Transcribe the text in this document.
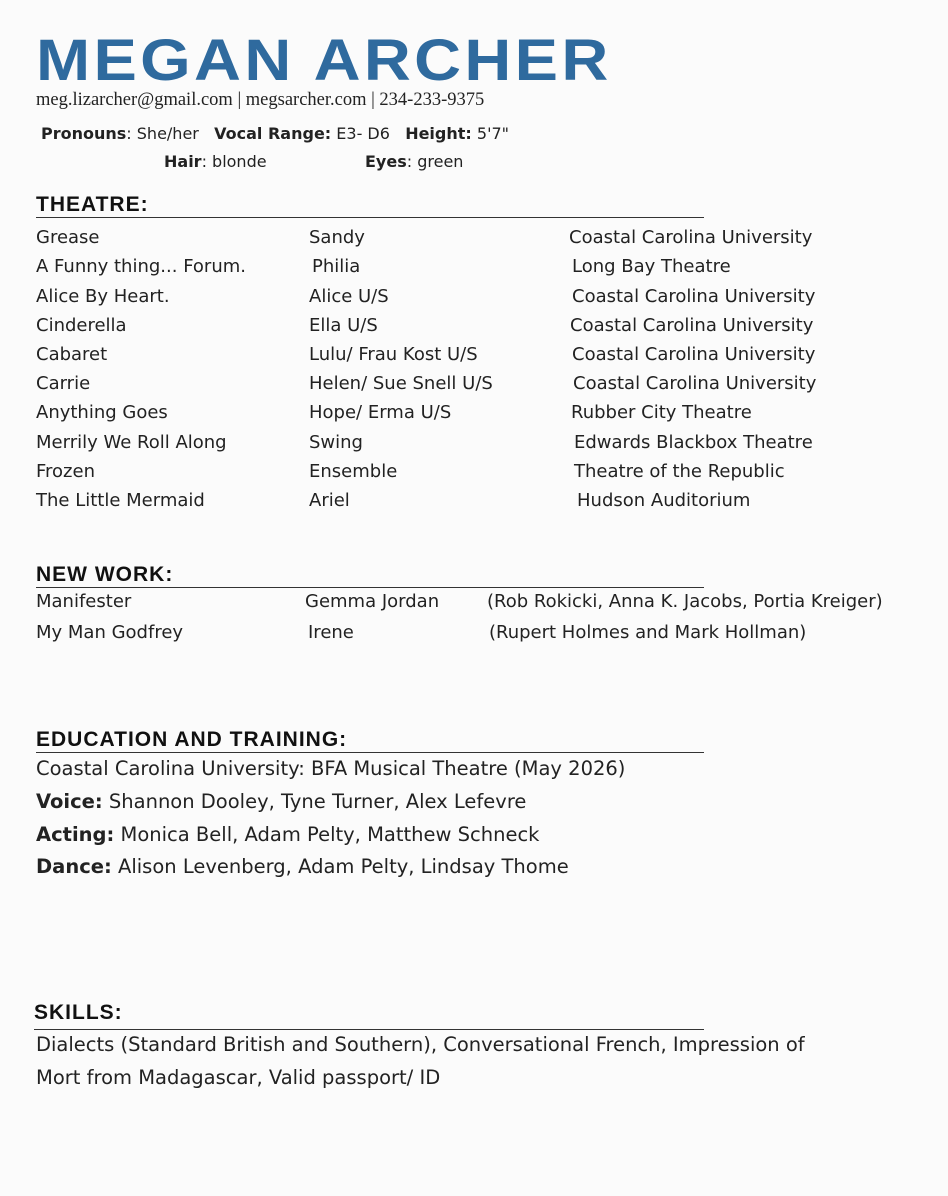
MEGAN ARCHER
meg.lizarcher@gmail.com | megsarcher.com | 234-233-9375
Pronouns: She/her Vocal Range: E3- D6 Height: 5'7"
Hair: blonde	Eyes: green
THEATRE:
Grease	Sandy	Coastal Carolina University
A Funny thing... Forum.	Philia	Long Bay Theatre
Alice By Heart.	Alice U/S	Coastal Carolina University
Cinderella	Ella U/S	Coastal Carolina University
Cabaret	Lulu/ Frau Kost U/S	Coastal Carolina University
Carrie	Helen/ Sue Snell U/S	Coastal Carolina University
Anything Goes	Hope/ Erma U/S	Rubber City Theatre
Merrily We Roll Along	Swing	Edwards Blackbox Theatre
Frozen	Ensemble	Theatre of the Republic
The Little Mermaid	Ariel	Hudson Auditorium
NEW WORK:
Manifester	Gemma Jordan	(Rob Rokicki, Anna K. Jacobs, Portia Kreiger)
My Man Godfrey	Irene	(Rupert Holmes and Mark Hollman)
EDUCATION AND TRAINING:
Coastal Carolina University: BFA Musical Theatre (May 2026)
Voice: Shannon Dooley, Tyne Turner, Alex Lefevre
Acting: Monica Bell, Adam Pelty, Matthew Schneck
Dance: Alison Levenberg, Adam Pelty, Lindsay Thome
SKILLS:
Dialects (Standard British and Southern), Conversational French, Impression of
Mort from Madagascar, Valid passport/ ID
